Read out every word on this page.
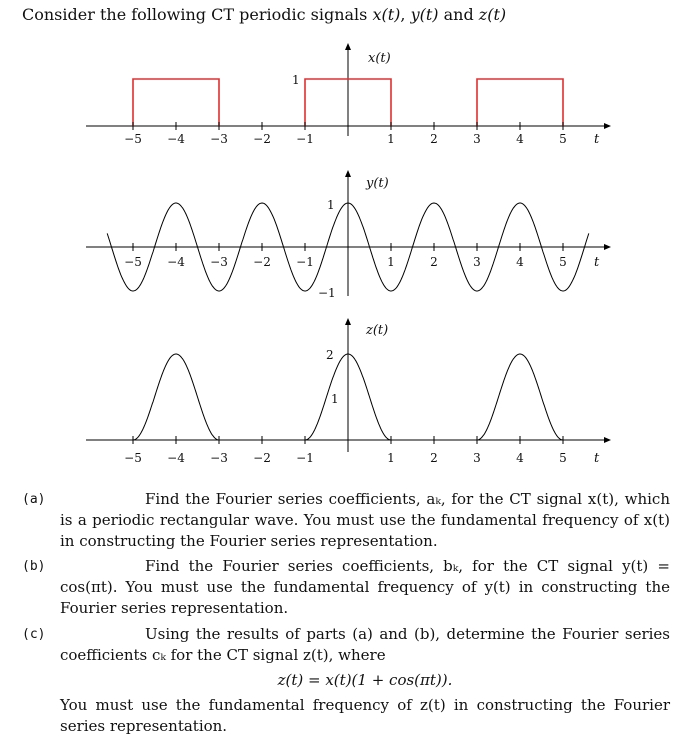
Consider the following CT periodic signals x(t), y(t) and z(t)
−5 −4 −3 −2 −1	1	2	3	4	5
x(t)
1
t
−5 −4 −3 −2 −1	1	2	3	4	5
y(t)
1
−1
t
−5 −4 −3 −2 −1	1	2	3	4	5
z(t)
2
1
t
(a)	Find the Fourier series coefficients, aₖ, for the CT signal x(t), which is a periodic rectangular wave. You must use the fundamental frequency of x(t) in constructing the Fourier series representation.
(b)	Find the Fourier series coefficients, bₖ, for the CT signal y(t) = cos(πt). You must use the fundamental frequency of y(t) in constructing the Fourier series representation.
(c)	Using the results of parts (a) and (b), determine the Fourier series coefficients cₖ for the CT signal z(t), where
z(t) = x(t)(1 + cos(πt)).
You must use the fundamental frequency of z(t) in constructing the Fourier series representation.
